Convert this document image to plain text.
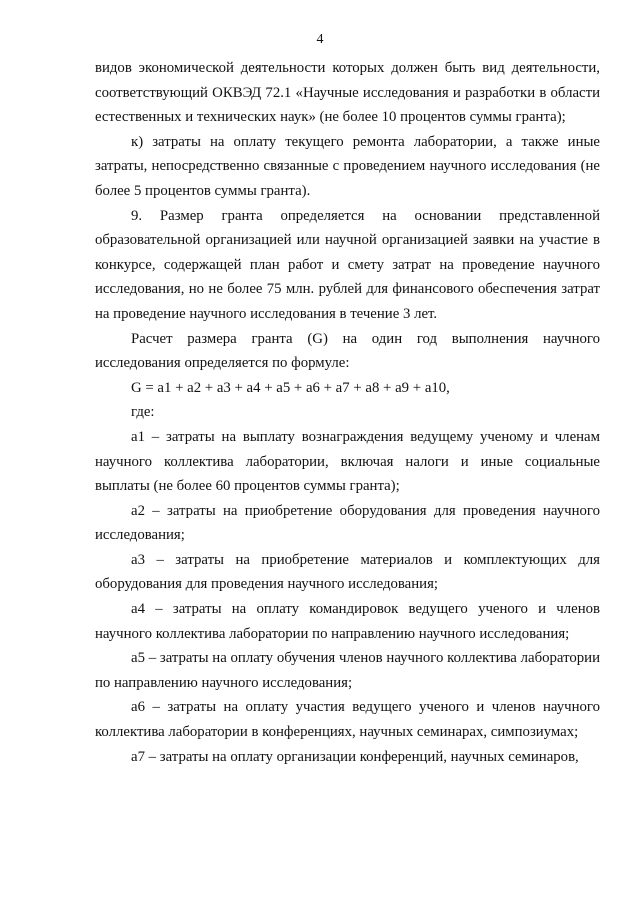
4

видов экономической деятельности которых должен быть вид деятельности, соответствующий ОКВЭД 72.1 «Научные исследования и разработки в области естественных и технических наук» (не более 10 процентов суммы гранта);

к) затраты на оплату текущего ремонта лаборатории, а также иные затраты, непосредственно связанные с проведением научного исследования (не более 5 процентов суммы гранта).

9. Размер гранта определяется на основании представленной образовательной организацией или научной организацией заявки на участие в конкурсе, содержащей план работ и смету затрат на проведение научного исследования, но не более 75 млн. рублей для финансового обеспечения затрат на проведение научного исследования в течение 3 лет.

Расчет размера гранта (G) на один год выполнения научного исследования определяется по формуле:

G = a1 + a2 + a3 + a4 + a5 + a6 + a7 + a8 + a9 + a10,

где:

a1 – затраты на выплату вознаграждения ведущему ученому и членам научного коллектива лаборатории, включая налоги и иные социальные выплаты (не более 60 процентов суммы гранта);

a2 – затраты на приобретение оборудования для проведения научного исследования;

a3 – затраты на приобретение материалов и комплектующих для оборудования для проведения научного исследования;

a4 – затраты на оплату командировок ведущего ученого и членов научного коллектива лаборатории по направлению научного исследования;

a5 – затраты на оплату обучения членов научного коллектива лаборатории по направлению научного исследования;

a6 – затраты на оплату участия ведущего ученого и членов научного коллектива лаборатории в конференциях, научных семинарах, симпозиумах;

a7 – затраты на оплату организации конференций, научных семинаров,
